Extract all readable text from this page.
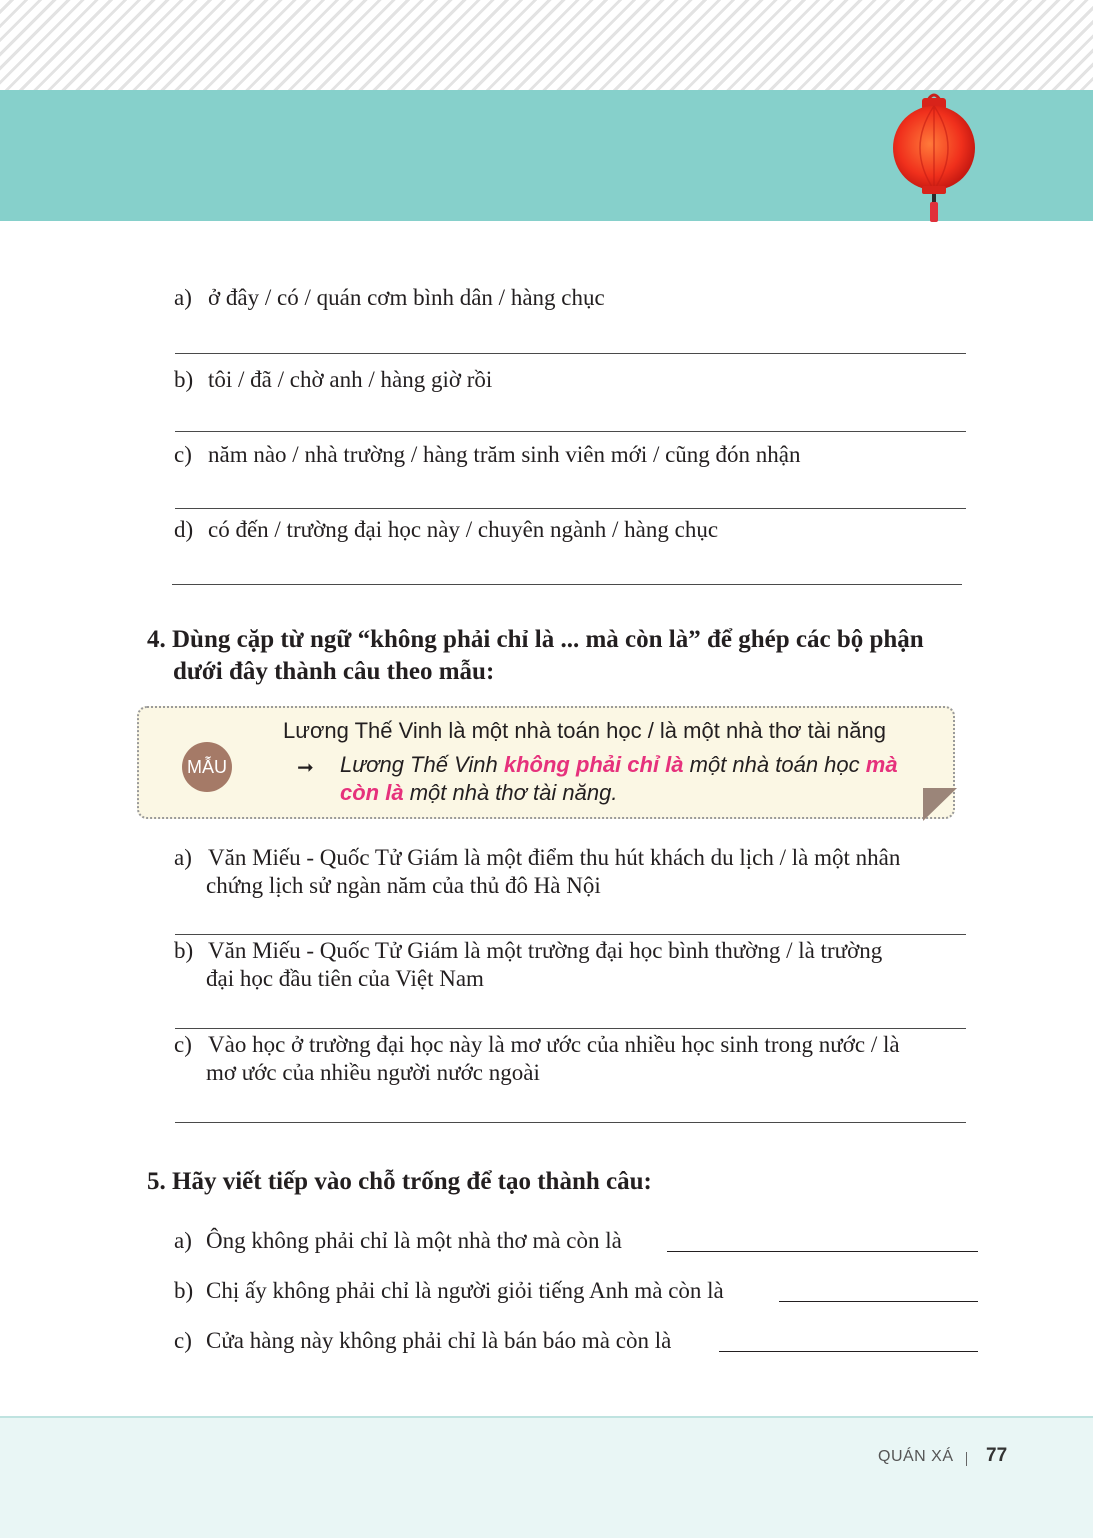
a) ở đây / có / quán cơm bình dân / hàng chục
b) tôi / đã / chờ anh / hàng giờ rồi
c) năm nào / nhà trường / hàng trăm sinh viên mới / cũng đón nhận
d) có đến / trường đại học này / chuyên ngành / hàng chục
4. Dùng cặp từ ngữ “không phải chỉ là ... mà còn là” để ghép các bộ phận
dưới đây thành câu theo mẫu:
MẪU
Lương Thế Vinh là một nhà toán học / là một nhà thơ tài năng
➞ Lương Thế Vinh không phải chỉ là một nhà toán học mà còn là một nhà thơ tài năng.
a) Văn Miếu - Quốc Tử Giám là một điểm thu hút khách du lịch / là một nhân
chứng lịch sử ngàn năm của thủ đô Hà Nội
b) Văn Miếu - Quốc Tử Giám là một trường đại học bình thường / là trường
đại học đầu tiên của Việt Nam
c) Vào học ở trường đại học này là mơ ước của nhiều học sinh trong nước / là
mơ ước của nhiều người nước ngoài
5. Hãy viết tiếp vào chỗ trống để tạo thành câu:
a) Ông không phải chỉ là một nhà thơ mà còn là
b) Chị ấy không phải chỉ là người giỏi tiếng Anh mà còn là
c) Cửa hàng này không phải chỉ là bán báo mà còn là
QUÁN XÁ 77
